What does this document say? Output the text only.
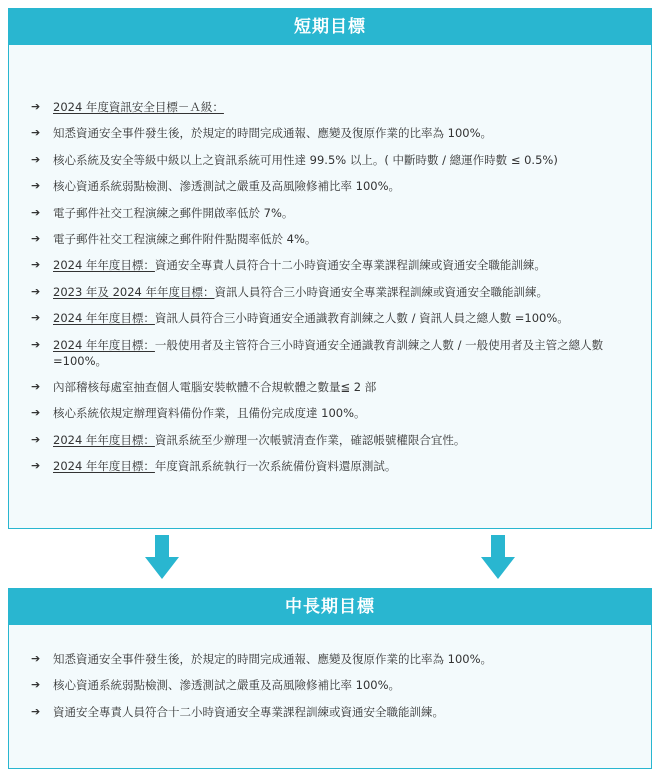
短期目標
➔ 2024 年度資訊安全目標－Ａ級：
➔ 知悉資通安全事件發生後，於規定的時間完成通報、應變及復原作業的比率為 100%。
➔ 核心系統及安全等級中級以上之資訊系統可用性達 99.5% 以上。( 中斷時數 / 總運作時數 ≤ 0.5%)
➔ 核心資通系統弱點檢測、滲透測試之嚴重及高風險修補比率 100%。
➔ 電子郵件社交工程演練之郵件開啟率低於 7%。
➔ 電子郵件社交工程演練之郵件附件點閱率低於 4%。
➔ 2024 年年度目標：資通安全專責人員符合十二小時資通安全專業課程訓練或資通安全職能訓練。
➔ 2023 年及 2024 年年度目標：資訊人員符合三小時資通安全專業課程訓練或資通安全職能訓練。
➔ 2024 年年度目標：資訊人員符合三小時資通安全通識教育訓練之人數 / 資訊人員之總人數 =100%。
➔ 2024 年年度目標：一般使用者及主管符合三小時資通安全通識教育訓練之人數 / 一般使用者及主管之總人數 =100%。
➔ 內部稽核每處室抽查個人電腦安裝軟體不合規軟體之數量≦ 2 部
➔ 核心系統依規定辦理資料備份作業，且備份完成度達 100%。
➔ 2024 年年度目標：資訊系統至少辦理一次帳號清查作業，確認帳號權限合宜性。
➔ 2024 年年度目標：年度資訊系統執行一次系統備份資料還原測試。
中長期目標
➔ 知悉資通安全事件發生後，於規定的時間完成通報、應變及復原作業的比率為 100%。
➔ 核心資通系統弱點檢測、滲透測試之嚴重及高風險修補比率 100%。
➔ 資通安全專責人員符合十二小時資通安全專業課程訓練或資通安全職能訓練。
